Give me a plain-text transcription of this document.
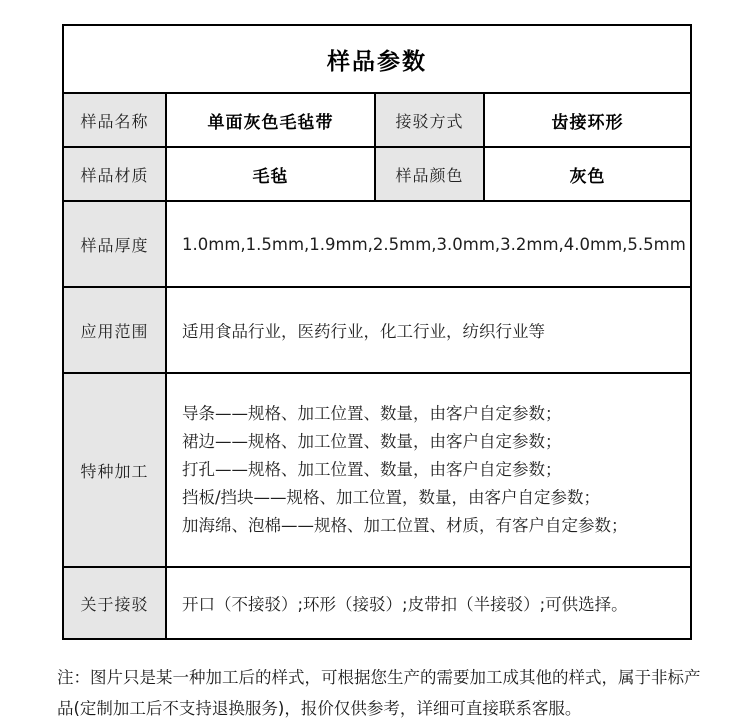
样品参数			
样品名称	单面灰色毛毡带	接驳方式	齿接环形
样品材质	毛毡	样品颜色	灰色
样品厚度	1.0mm,1.5mm,1.9mm,2.5mm,3.0mm,3.2mm,4.0mm,5.5mm		
应用范围	适用食品行业，医药行业，化工行业，纺织行业等		
特种加工	导条——规格、加工位置、数量，由客户自定参数；
裙边——规格、加工位置、数量，由客户自定参数；
打孔——规格、加工位置、数量，由客户自定参数；
挡板/挡块——规格、加工位置，数量，由客户自定参数；
加海绵、泡棉——规格、加工位置、材质，有客户自定参数；		

关于接驳	开口（不接驳）;环形（接驳）;皮带扣（半接驳）;可供选择。		

注：图片只是某一种加工后的样式，可根据您生产的需要加工成其他的样式，属于非标产品(定制加工后不支持退换服务)，报价仅供参考，详细可直接联系客服。
